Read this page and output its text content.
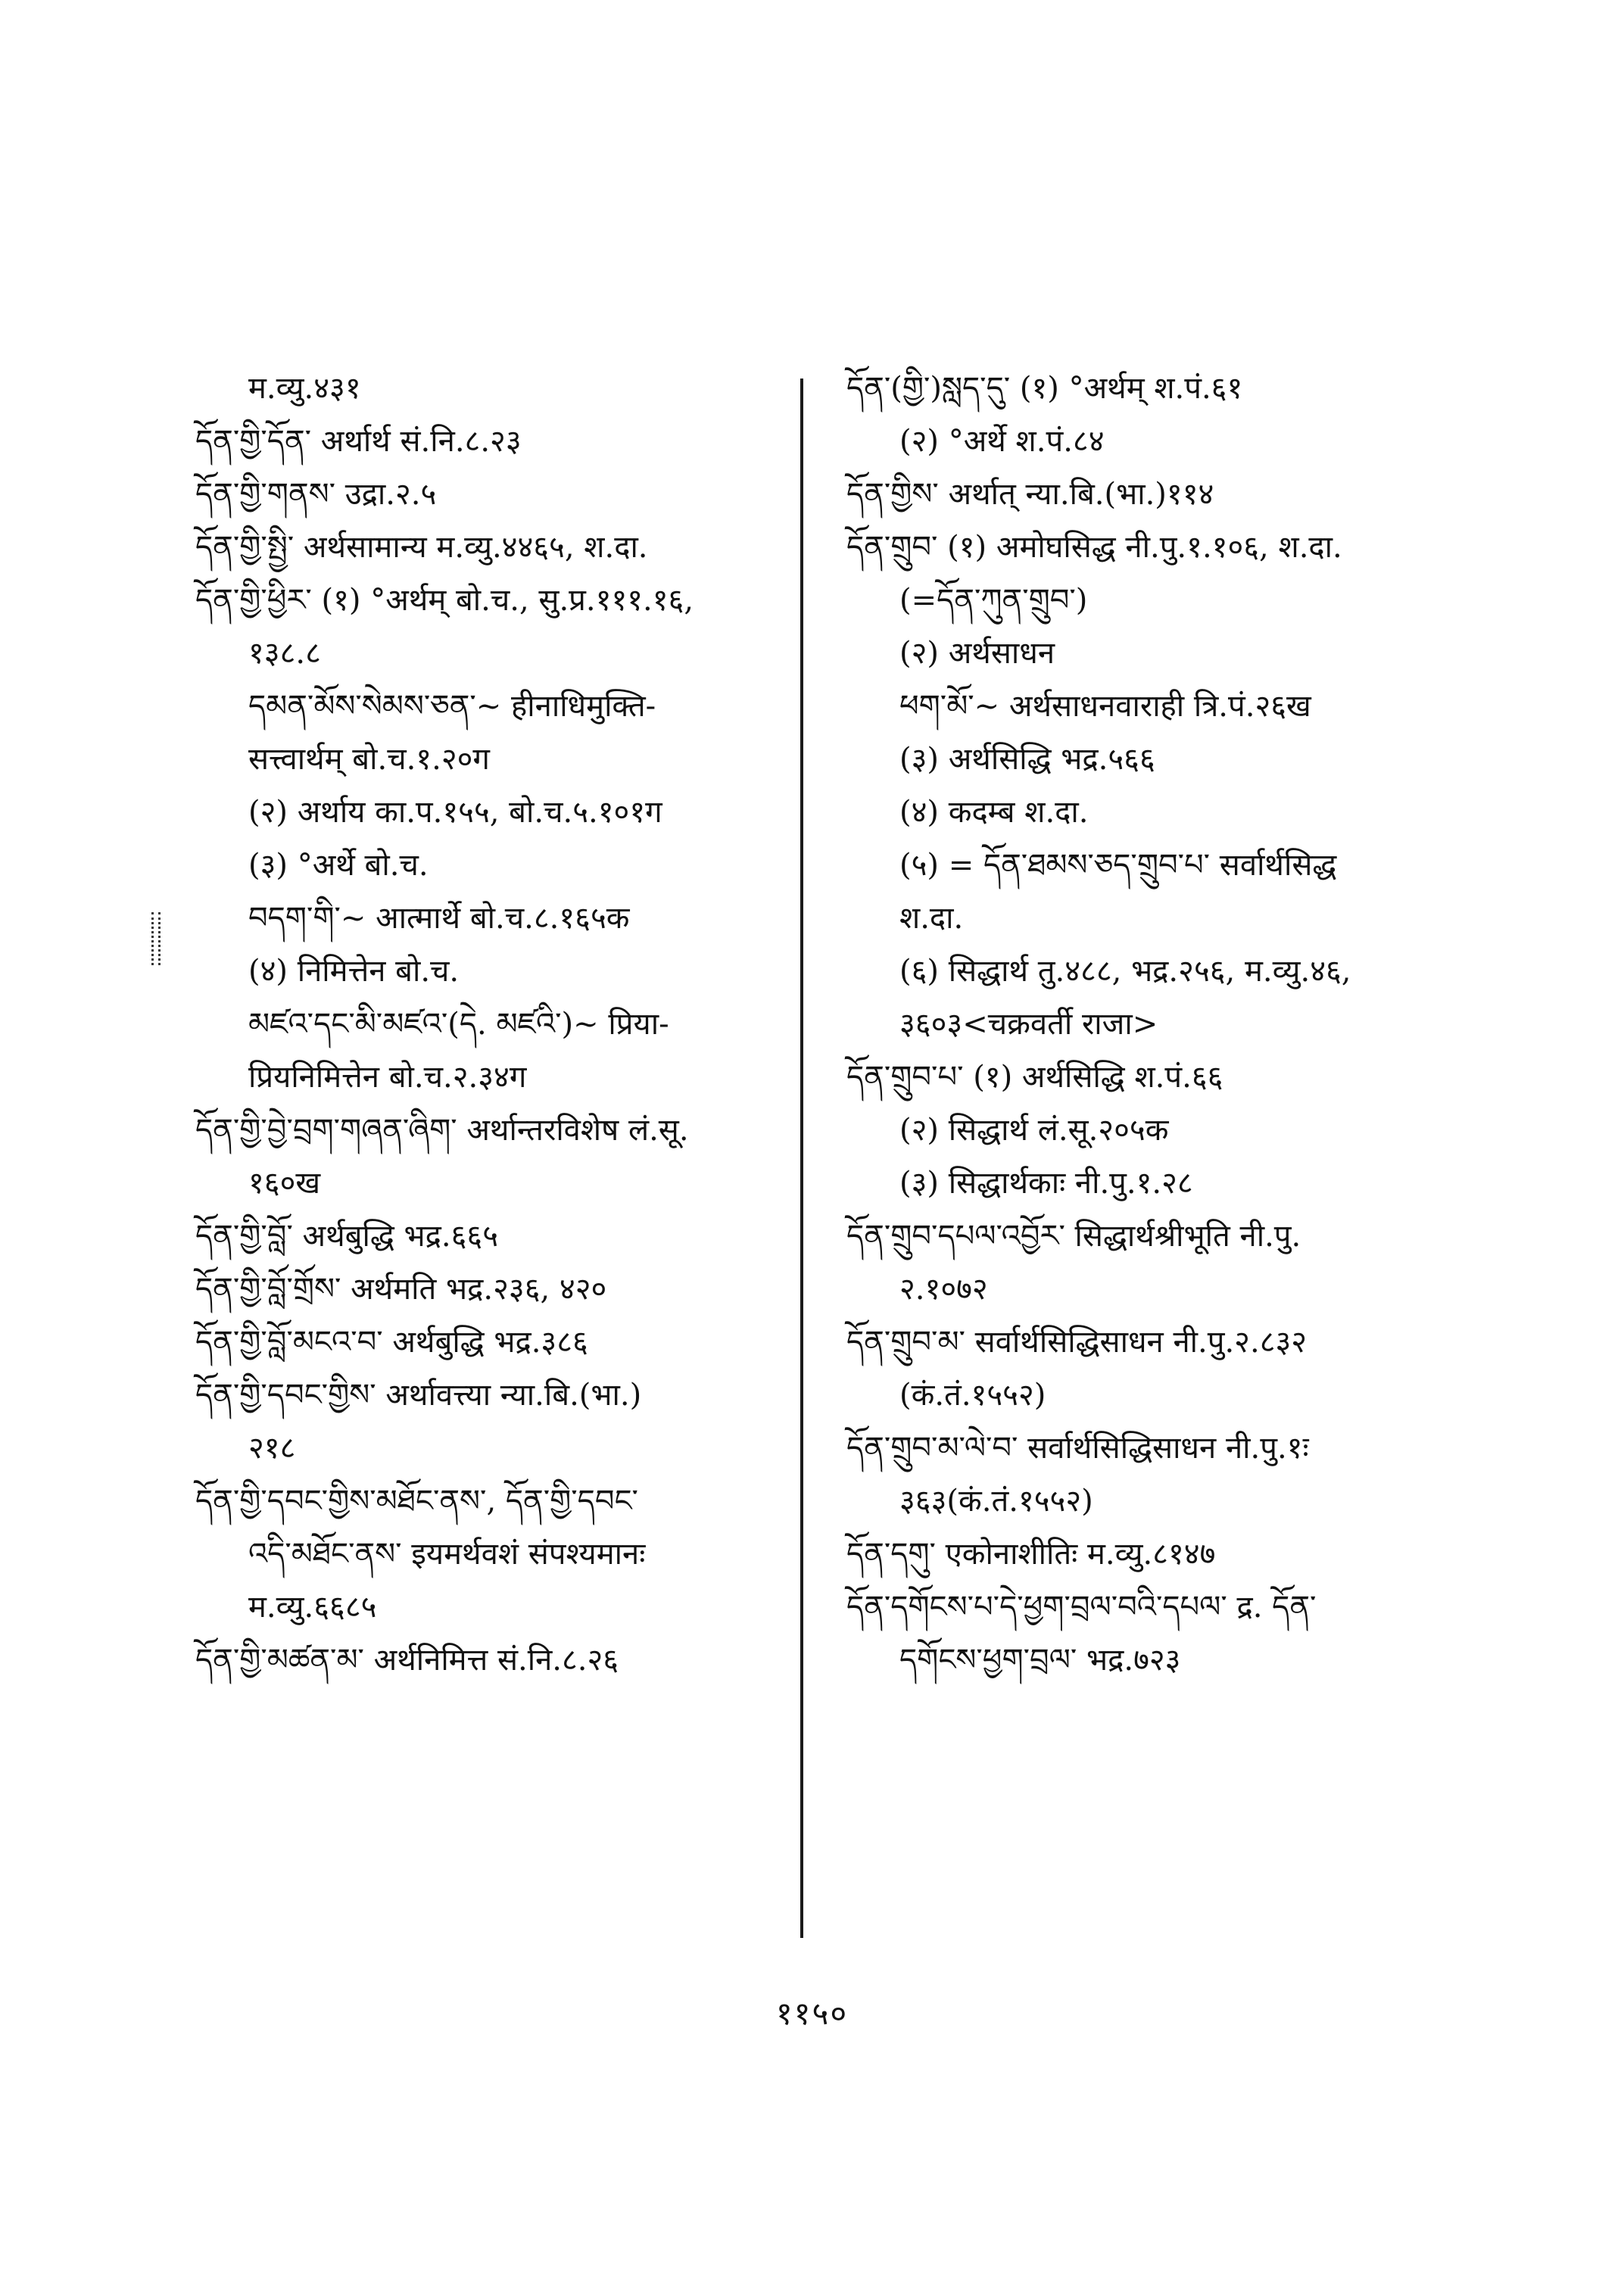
म.व्यु.४३१
དོན་གྱི་དོན་ अर्थार्थ सं.नि.८.२३
དོན་གྱི་གནས་ उद्रा.२.५
དོན་གྱི་སྤྱི་ अर्थसामान्य म.व्यु.४४६५, श.दा.
དོན་གྱི་ཕྱིར་ (१) °अर्थम् बो.च., सु.प्र.१११.१६,
१३८.८
དམན་མོས་སེམས་ཅན་~ हीनाधिमुक्ति-
सत्त्वार्थम् बो.च.१.२०ग
(२) अर्थाय का.प.१५५, बो.च.५.१०१ग
(३) °अर्थे बो.च.
བདག་གི་~ आत्मार्थे बो.च.८.१६५क
(४) निमित्तेन बो.च.
མཛའ་དང་མི་མཛའ་(དེ. མཛའི་)~ प्रिया-
प्रियनिमित्तेन बो.च.२.३४ग
དོན་གྱི་བྱེ་བྲག་གཞན་ཞིག་ अर्थान्तरविशेष लं.सू.
१६०ख
དོན་གྱི་བློ་ अर्थबुद्धि भद्र.६६५
དོན་གྱི་བློ་གྲོས་ अर्थमति भद्र.२३६, ४२०
དོན་གྱི་བློ་མངའ་བ་ अर्थबुद्धि भद्र.३८६
དོན་གྱི་དབང་གྱིས་ अर्थावत्त्या न्या.बि.(भा.)
२१८
དོན་གྱི་དབང་གྱིས་མཐོང་ནས་, དོན་གྱི་དབང་
འདི་མཐོང་ནས་ इयमर्थवशं संपश्यमानः
म.व्यु.६६८५
དོན་གྱི་མཚན་མ་ अर्थनिमित्त सं.नि.८.२६
དོན་(གྱི་)སླད་དུ་ (१) °अर्थम् श.पं.६१
(२) °अर्थे श.पं.८४
དོན་གྱིས་ अर्थात् न्या.बि.(भा.)११४
དོན་གྲུབ་ (१) अमोघसिद्ध नी.पु.१.१०६, श.दा.
(=དོན་ཀུན་གྲུབ་)
(२) अर्थसाधन
ཕག་མོ་~ अर्थसाधनवाराही त्रि.पं.२६ख
(३) अर्थसिद्धि भद्र.५६६
(४) कदम्ब श.दा.
(५) = དོན་ཐམས་ཅད་གྲུབ་པ་ सर्वार्थसिद्ध
श.दा.
(६) सिद्धार्थ तु.४८८, भद्र.२५६, म.व्यु.४६,
३६०३<चक्रवर्ती राजा>
དོན་གྲུབ་པ་ (१) अर्थसिद्धि श.पं.६६
(२) सिद्धार्थ लं.सू.२०५क
(३) सिद्धार्थकाः नी.पु.१.२८
དོན་གྲུབ་དཔལ་འབྱོར་ सिद्धार्थश्रीभूति नी.पु.
२.१०७२
དོན་གྲུབ་མ་ सर्वार्थसिद्धिसाधन नी.पु.२.८३२
(कं.तं.१५५२)
དོན་གྲུབ་མ་ལེ་བ་ सर्वार्थसिद्धिसाधन नी.पु.१ः
३६३(कं.तं.१५५२)
དོན་དགུ་ एकोनाशीतिः म.व्यु.८१४७
དོན་དགོངས་པ་དེ་ཕྱག་བྲལ་བའི་དཔལ་ द्र. དོན་
དགོངས་ཕྱག་བྲལ་ भद्र.७२३
११५०
